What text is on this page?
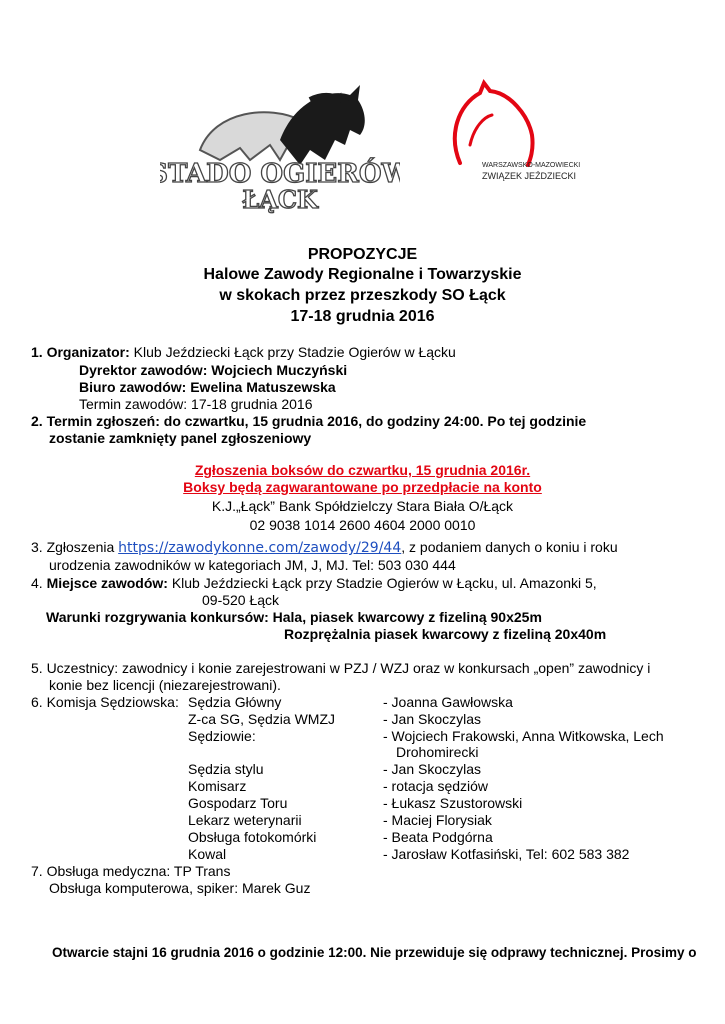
STADO OGIERÓW
ŁĄCK
WARSZAWSKO-MAZOWIECKI
ZWIĄZEK JEŹDZIECKI
PROPOZYCJE
Halowe Zawody Regionalne i Towarzyskie
w skokach przez przeszkody SO Łąck
17-18 grudnia 2016
1. Organizator: Klub Jeździecki Łąck przy Stadzie Ogierów w Łącku
Dyrektor zawodów: Wojciech Muczyński
Biuro zawodów: Ewelina Matuszewska
Termin zawodów: 17-18 grudnia 2016
2. Termin zgłoszeń: do czwartku, 15 grudnia 2016, do godziny 24:00. Po tej godzinie
zostanie zamknięty panel zgłoszeniowy
Zgłoszenia boksów do czwartku, 15 grudnia 2016r.
Boksy będą zagwarantowane po przedpłacie na konto
K.J.„Łąck” Bank Spółdzielczy Stara Biała O/Łąck
02 9038 1014 2600 4604 2000 0010
3. Zgłoszenia https://zawodykonne.com/zawody/29/44, z podaniem danych o koniu i roku
urodzenia zawodników w kategoriach JM, J, MJ. Tel: 503 030 444
4. Miejsce zawodów: Klub Jeździecki Łąck przy Stadzie Ogierów w Łącku, ul. Amazonki 5,
09-520 Łąck
Warunki rozgrywania konkursów: Hala, piasek kwarcowy z fizeliną 90x25m
Rozprężalnia piasek kwarcowy z fizeliną 20x40m
5. Uczestnicy: zawodnicy i konie zarejestrowani w PZJ / WZJ oraz w konkursach „open” zawodnicy i
konie bez licencji (niezarejestrowani).
6. Komisja Sędziowska: Sędzia Główny	- Joanna Gawłowska
Z-ca SG, Sędzia WMZJ	- Jan Skoczylas
Sędziowie:	- Wojciech Frakowski, Anna Witkowska, Lech
Drohomirecki
Sędzia stylu	- Jan Skoczylas
Komisarz	- rotacja sędziów
Gospodarz Toru	- Łukasz Szustorowski
Lekarz weterynarii	- Maciej Florysiak
Obsługa fotokomórki	- Beata Podgórna
Kowal	- Jarosław Kotfasiński, Tel: 602 583 382
7. Obsługa medyczna: TP Trans
Obsługa komputerowa, spiker: Marek Guz
Otwarcie stajni 16 grudnia 2016 o godzinie 12:00. Nie przewiduje się odprawy technicznej. Prosimy o
